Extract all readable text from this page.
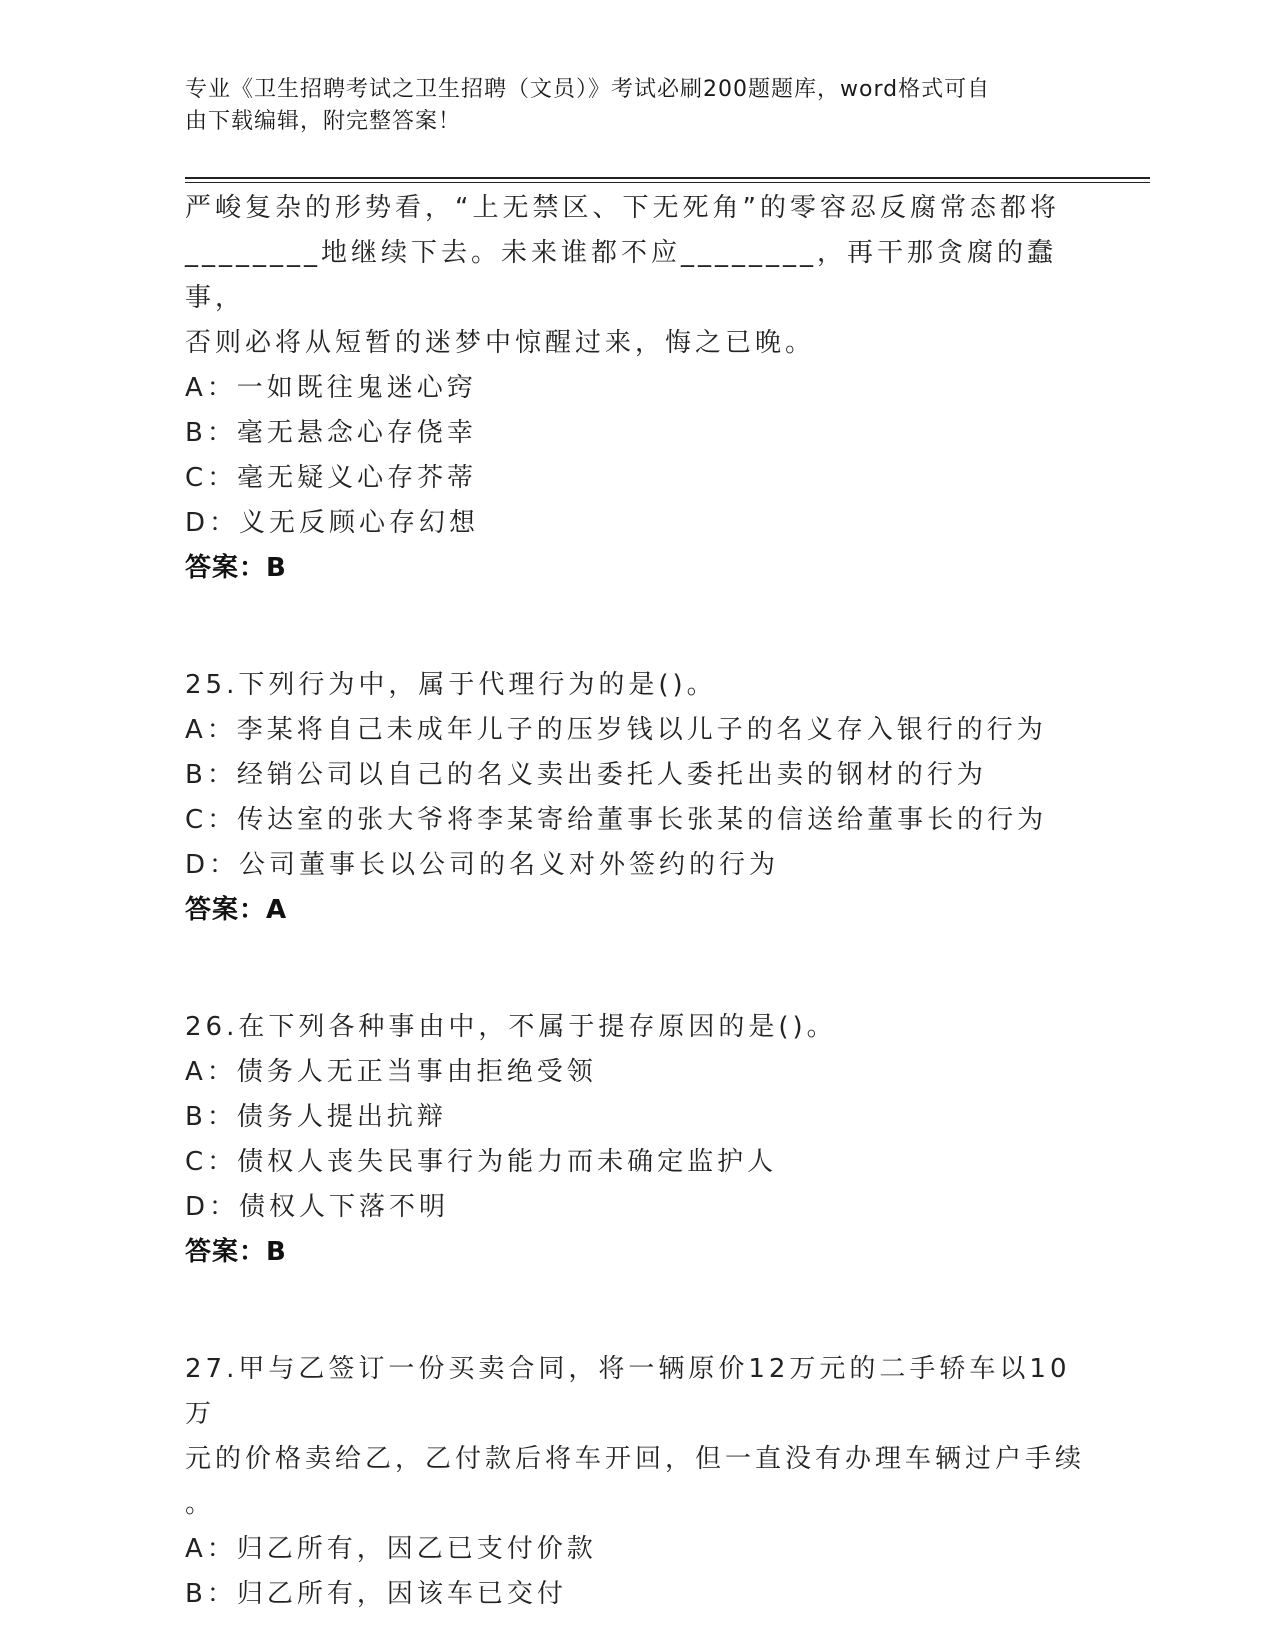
专业《卫生招聘考试之卫生招聘（文员）》考试必刷200题题库，word格式可自
由下载编辑，附完整答案！

严峻复杂的形势看，“上无禁区、下无死角”的零容忍反腐常态都将

________地继续下去。未来谁都不应________，再干那贪腐的蠢事，

否则必将从短暂的迷梦中惊醒过来，悔之已晚。

A：一如既往鬼迷心窍

B：毫无悬念心存侥幸

C：毫无疑义心存芥蒂

D：义无反顾心存幻想

答案：B

25.下列行为中，属于代理行为的是()。

A：李某将自己未成年儿子的压岁钱以儿子的名义存入银行的行为

B：经销公司以自己的名义卖出委托人委托出卖的钢材的行为

C：传达室的张大爷将李某寄给董事长张某的信送给董事长的行为

D：公司董事长以公司的名义对外签约的行为

答案：A

26.在下列各种事由中，不属于提存原因的是()。

A：债务人无正当事由拒绝受领

B：债务人提出抗辩

C：债权人丧失民事行为能力而未确定监护人

D：债权人下落不明

答案：B

27.甲与乙签订一份买卖合同，将一辆原价12万元的二手轿车以10万

元的价格卖给乙，乙付款后将车开回，但一直没有办理车辆过户手续

。

A：归乙所有，因乙已支付价款

B：归乙所有，因该车已交付
